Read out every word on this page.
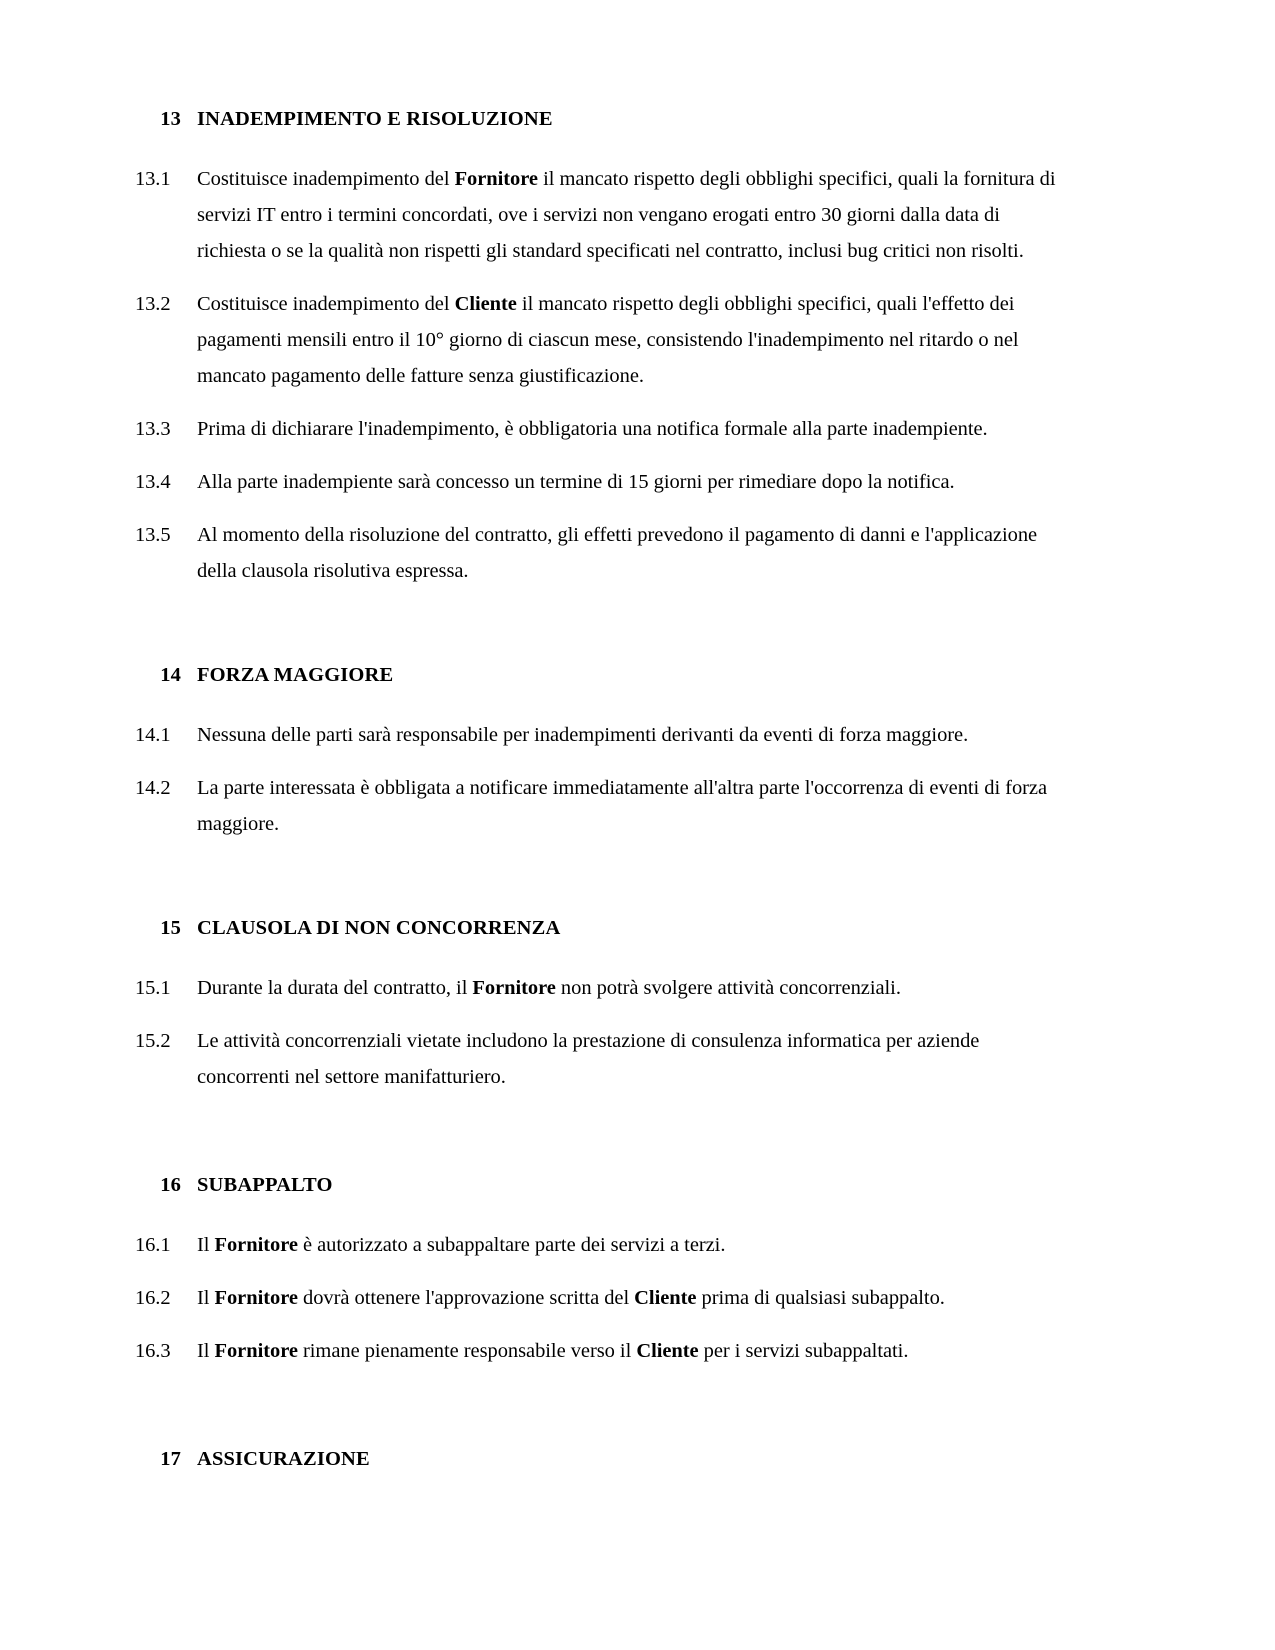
13 INADEMPIMENTO E RISOLUZIONE
13.1	Costituisce inadempimento del Fornitore il mancato rispetto degli obblighi specifici, quali la fornitura di servizi IT entro i termini concordati, ove i servizi non vengano erogati entro 30 giorni dalla data di richiesta o se la qualità non rispetti gli standard specificati nel contratto, inclusi bug critici non risolti.
13.2	Costituisce inadempimento del Cliente il mancato rispetto degli obblighi specifici, quali l'effetto dei pagamenti mensili entro il 10° giorno di ciascun mese, consistendo l'inadempimento nel ritardo o nel mancato pagamento delle fatture senza giustificazione.
13.3	Prima di dichiarare l'inadempimento, è obbligatoria una notifica formale alla parte inadempiente.
13.4	Alla parte inadempiente sarà concesso un termine di 15 giorni per rimediare dopo la notifica.
13.5	Al momento della risoluzione del contratto, gli effetti prevedono il pagamento di danni e l'applicazione della clausola risolutiva espressa.
14 FORZA MAGGIORE
14.1	Nessuna delle parti sarà responsabile per inadempimenti derivanti da eventi di forza maggiore.
14.2	La parte interessata è obbligata a notificare immediatamente all'altra parte l'occorrenza di eventi di forza maggiore.
15 CLAUSOLA DI NON CONCORRENZA
15.1	Durante la durata del contratto, il Fornitore non potrà svolgere attività concorrenziali.
15.2	Le attività concorrenziali vietate includono la prestazione di consulenza informatica per aziende concorrenti nel settore manifatturiero.
16 SUBAPPALTO
16.1	Il Fornitore è autorizzato a subappaltare parte dei servizi a terzi.
16.2	Il Fornitore dovrà ottenere l'approvazione scritta del Cliente prima di qualsiasi subappalto.
16.3	Il Fornitore rimane pienamente responsabile verso il Cliente per i servizi subappaltati.
17 ASSICURAZIONE
